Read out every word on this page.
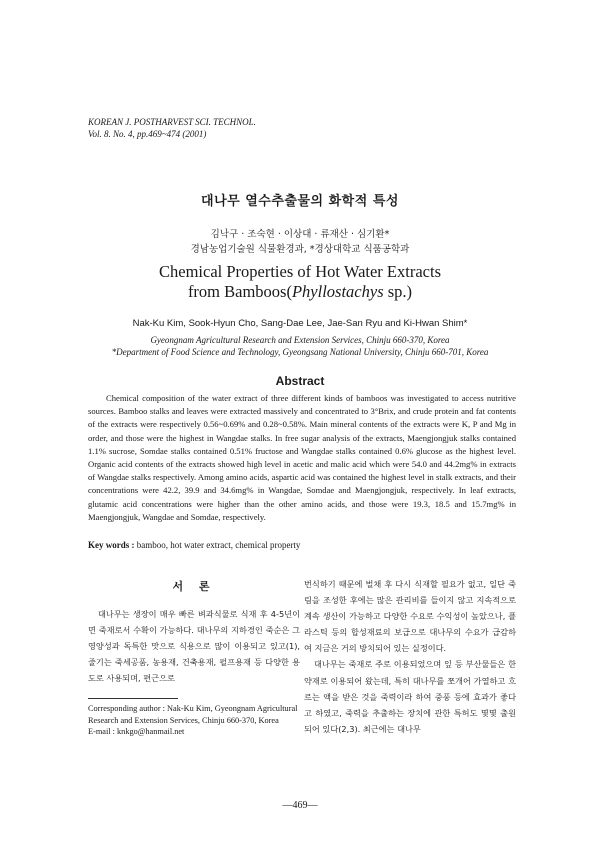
KOREAN J. POSTHARVEST SCI. TECHNOL.
Vol. 8. No. 4, pp.469~474 (2001)
대나무 열수추출물의 화학적 특성
김낙구 · 조숙현 · 이상대 · 류재산 · 심기환*
경남농업기술원 식물환경과, *경상대학교 식품공학과
Chemical Properties of Hot Water Extracts
from Bamboos(Phyllostachys sp.)
Nak-Ku Kim, Sook-Hyun Cho, Sang-Dae Lee, Jae-San Ryu and Ki-Hwan Shim*
Gyeongnam Agricultural Research and Extension Services, Chinju 660-370, Korea
*Department of Food Science and Technology, Gyeongsang National University, Chinju 660-701, Korea
Abstract
Chemical composition of the water extract of three different kinds of bamboos was investigated to access nutritive sources. Bamboo stalks and leaves were extracted massively and concentrated to 3°Brix, and crude protein and fat contents of the extracts were respectively 0.56~0.69% and 0.28~0.58%. Main mineral contents of the extracts were K, P and Mg in order, and those were the highest in Wangdae stalks. In free sugar analysis of the extracts, Maengjongjuk stalks contained 1.1% sucrose, Somdae stalks contained 0.51% fructose and Wangdae stalks contained 0.6% glucose as the highest level. Organic acid contents of the extracts showed high level in acetic and malic acid which were 54.0 and 44.2mg% in extracts of Wangdae stalks respectively. Among amino acids, aspartic acid was contained the highest level in stalk extracts, and their concentrations were 42.2, 39.9 and 34.6mg% in Wangdae, Somdae and Maengjongjuk, respectively. In leaf extracts, glutamic acid concentrations were higher than the other amino acids, and those were 19.3, 18.5 and 15.7mg% in Maengjongjuk, Wangdae and Somdae, respectively.
Key words : bamboo, hot water extract, chemical property
서 론
대나무는 생장이 매우 빠른 벼과식물로 식재 후 4-5년이면 죽재로서 수확이 가능하다. 대나무의 지하경인 죽순은 그 영양성과 독특한 맛으로 식용으로 많이 이용되고 있고(1), 줄기는 죽세공품, 농용재, 건축용재, 펄프용재 등 다양한 용도로 사용되며, 편근으로
번식하기 때문에 벌채 후 다시 식재할 필요가 없고, 일단 죽림을 조성한 후에는 많은 관리비를 들이지 않고 지속적으로 계속 생산이 가능하고 다양한 수요로 수익성이 높았으나, 플라스틱 등의 합성재료의 보급으로 대나무의 수요가 급감하여 지금은 거의 방치되어 있는 실정이다.
대나무는 죽재로 주로 이용되었으며 잎 등 부산물들은 한약재로 이용되어 왔는데, 특히 대나무를 쪼개어 가열하고 흐르는 액을 받은 것을 죽력이라 하여 중풍 등에 효과가 좋다고 하였고, 죽력을 추출하는 장치에 관한 특허도 몇몇 출원되어 있다(2,3). 최근에는 대나무
Corresponding author : Nak-Ku Kim, Gyeongnam Agricultural
Research and Extension Services, Chinju 660-370, Korea
E-mail : knkgo@hanmail.net
—469—
